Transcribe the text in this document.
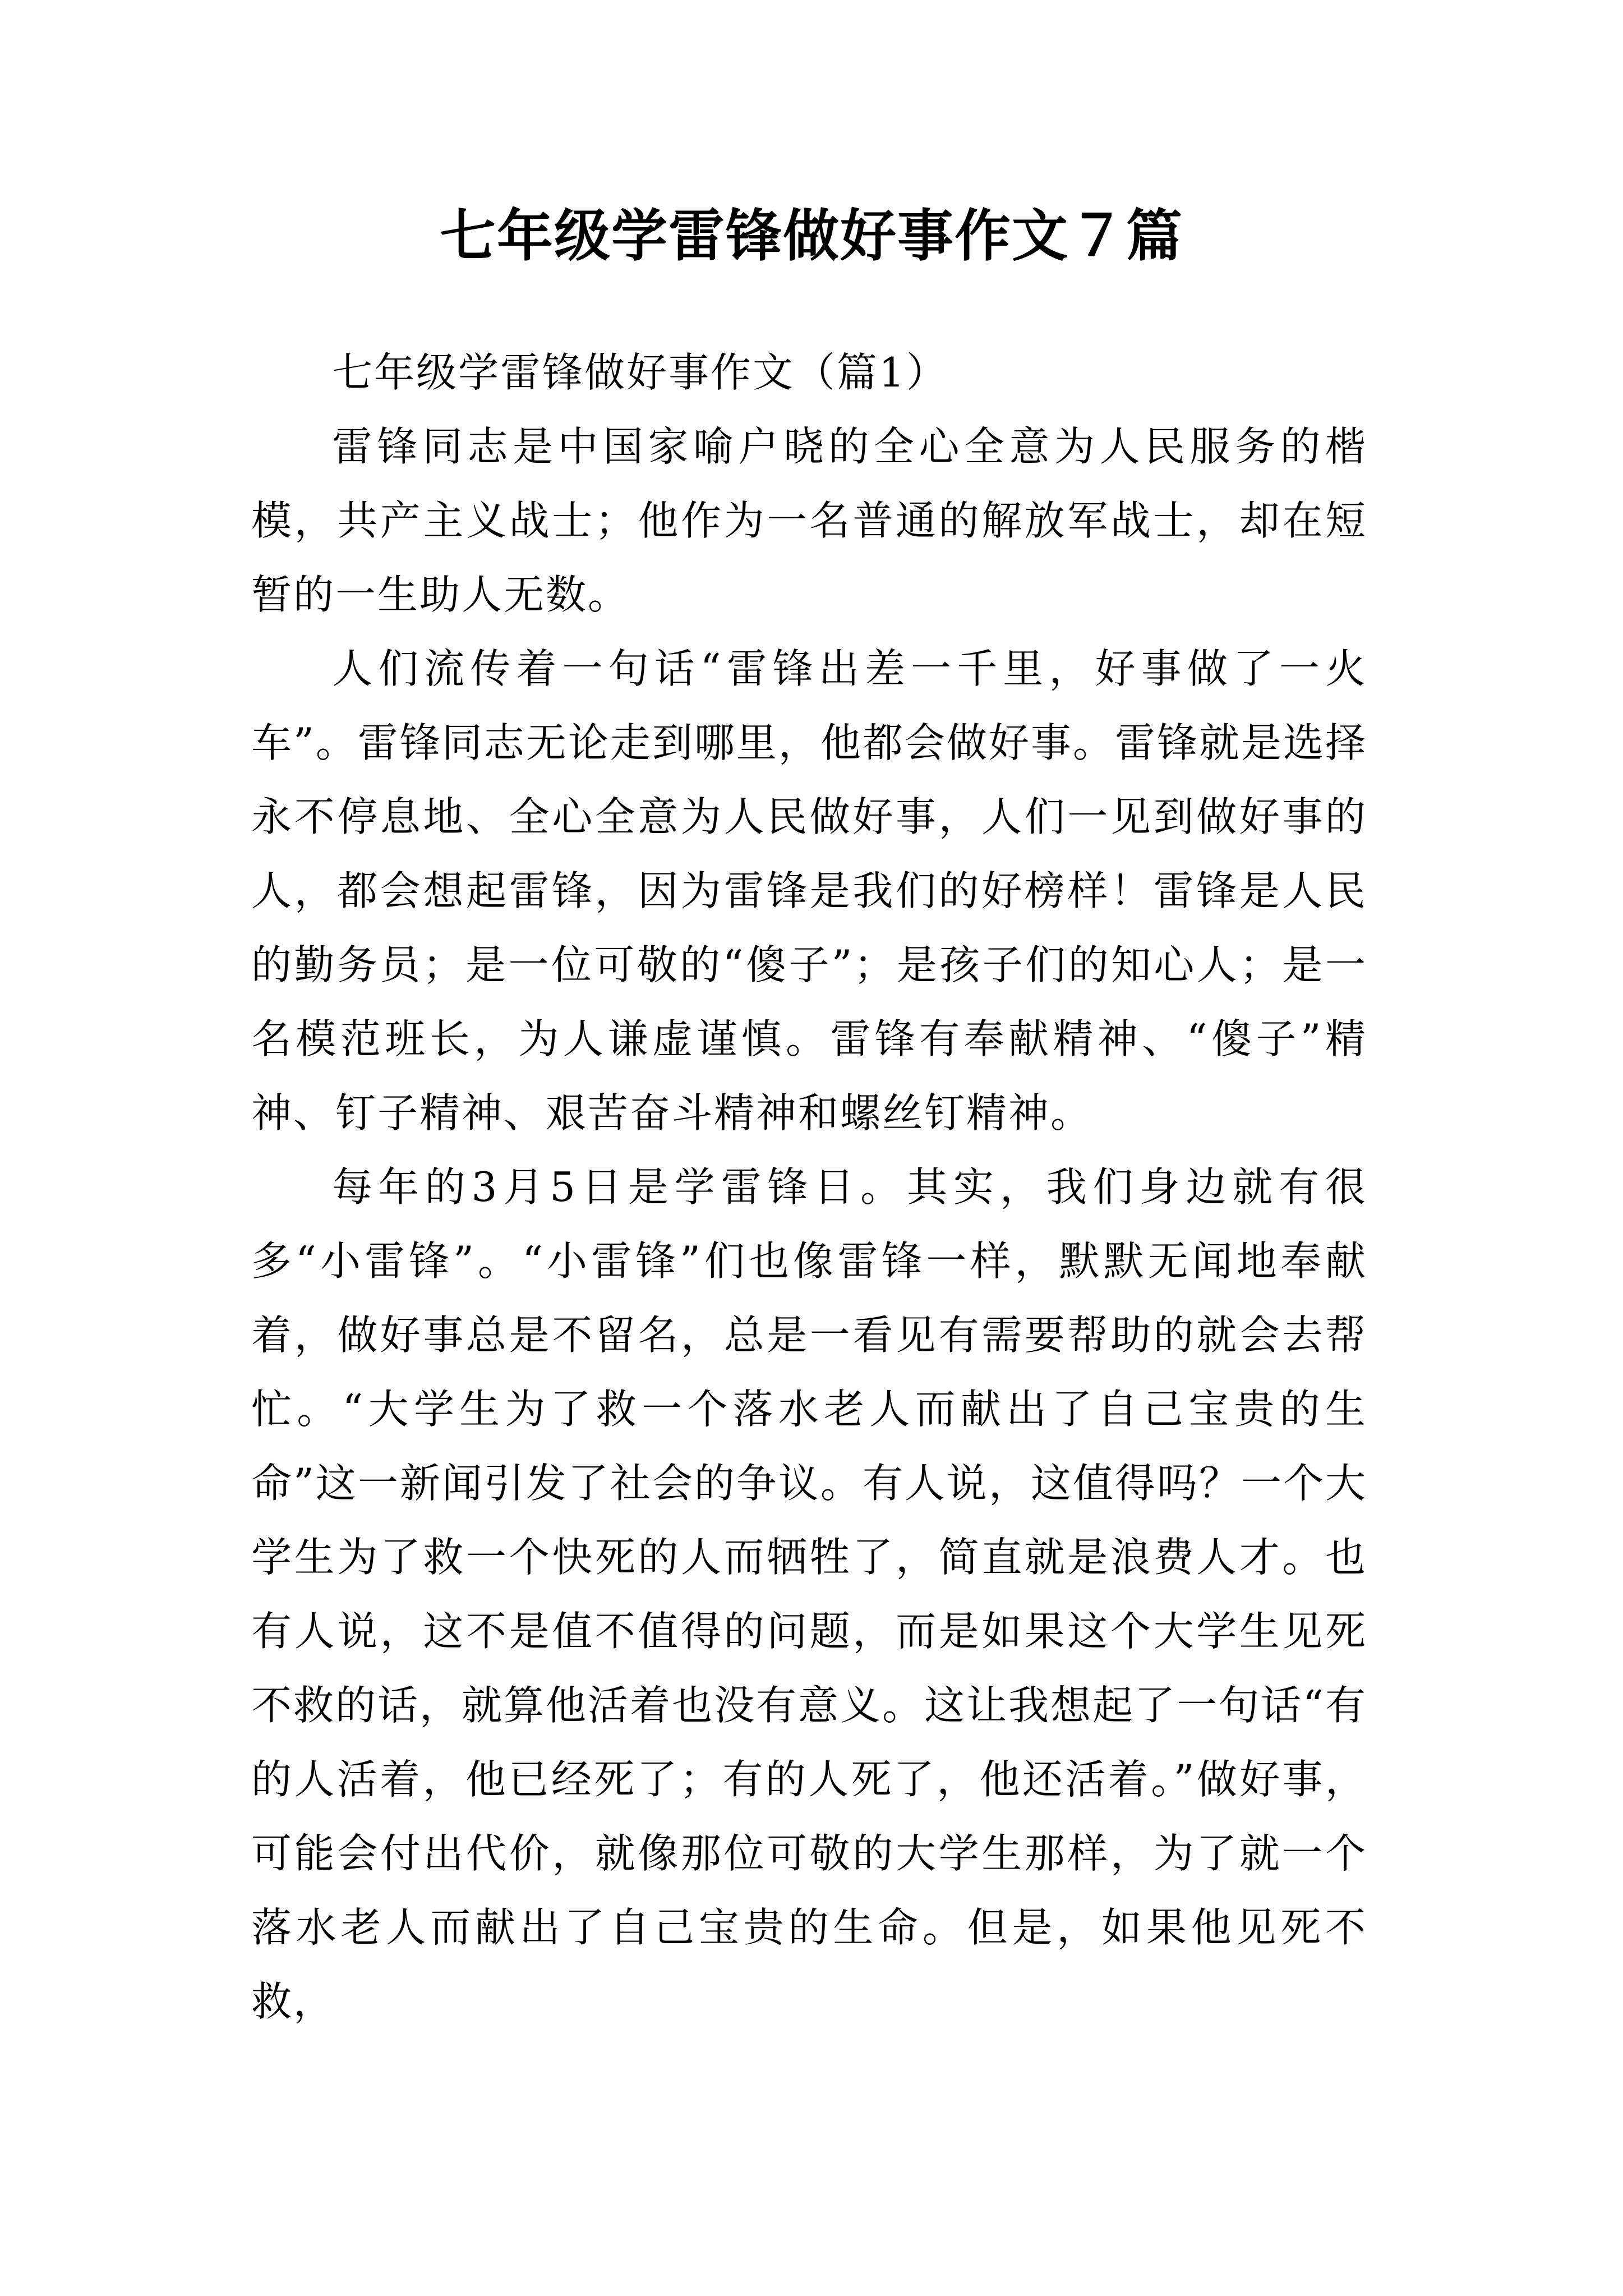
七年级学雷锋做好事作文７篇

七年级学雷锋做好事作文（篇1）

雷锋同志是中国家喻户晓的全心全意为人民服务的楷模，共产主义战士；他作为一名普通的解放军战士，却在短暂的一生助人无数。

人们流传着一句话“雷锋出差一千里，好事做了一火车”。雷锋同志无论走到哪里，他都会做好事。雷锋就是选择永不停息地、全心全意为人民做好事，人们一见到做好事的人，都会想起雷锋，因为雷锋是我们的好榜样！雷锋是人民的勤务员；是一位可敬的“傻子”；是孩子们的知心人；是一名模范班长，为人谦虚谨慎。雷锋有奉献精神、“傻子”精神、钉子精神、艰苦奋斗精神和螺丝钉精神。

每年的3月5日是学雷锋日。其实，我们身边就有很多“小雷锋”。“小雷锋”们也像雷锋一样，默默无闻地奉献着，做好事总是不留名，总是一看见有需要帮助的就会去帮忙。“大学生为了救一个落水老人而献出了自己宝贵的生命”这一新闻引发了社会的争议。有人说，这值得吗？一个大学生为了救一个快死的人而牺牲了，简直就是浪费人才。也有人说，这不是值不值得的问题，而是如果这个大学生见死不救的话，就算他活着也没有意义。这让我想起了一句话“有的人活着，他已经死了；有的人死了，他还活着。”做好事，可能会付出代价，就像那位可敬的大学生那样，为了就一个落水老人而献出了自己宝贵的生命。但是，如果他见死不救，
